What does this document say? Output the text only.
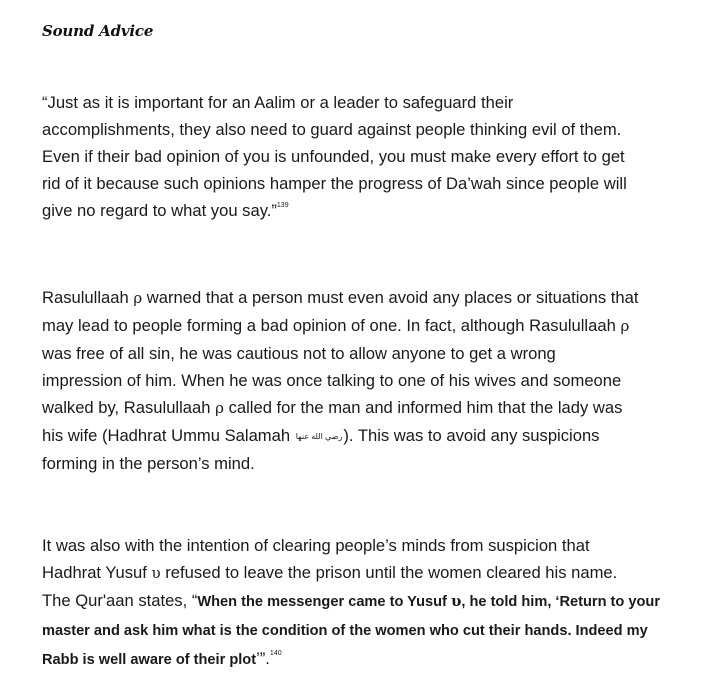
Sound Advice

“Just as it is important for an Aalim or a leader to safeguard their
accomplishments, they also need to guard against people thinking evil of them.
Even if their bad opinion of you is unfounded, you must make every effort to get
rid of it because such opinions hamper the progress of Da’wah since people will
give no regard to what you say.”$^{139}$

Rasulullaah ρ warned that a person must even avoid any places or situations that
may lead to people forming a bad opinion of one. In fact, although Rasulullaah ρ
was free of all sin, he was cautious not to allow anyone to get a wrong
impression of him. When he was once talking to one of his wives and someone
walked by, Rasulullaah ρ called for the man and informed him that the lady was
his wife (Hadhrat Ummu Salamah رضي الله عنها). This was to avoid any suspicions
forming in the person’s mind.

It was also with the intention of clearing people’s minds from suspicion that
Hadhrat Yusuf υ refused to leave the prison until the women cleared his name.
The Qur'aan states, “When the messenger came to Yusuf υ, he told him, ‘Return to your
master and ask him what is the condition of the women who cut their hands. Indeed my
Rabb is well aware of their plot’”.$^{140}$
